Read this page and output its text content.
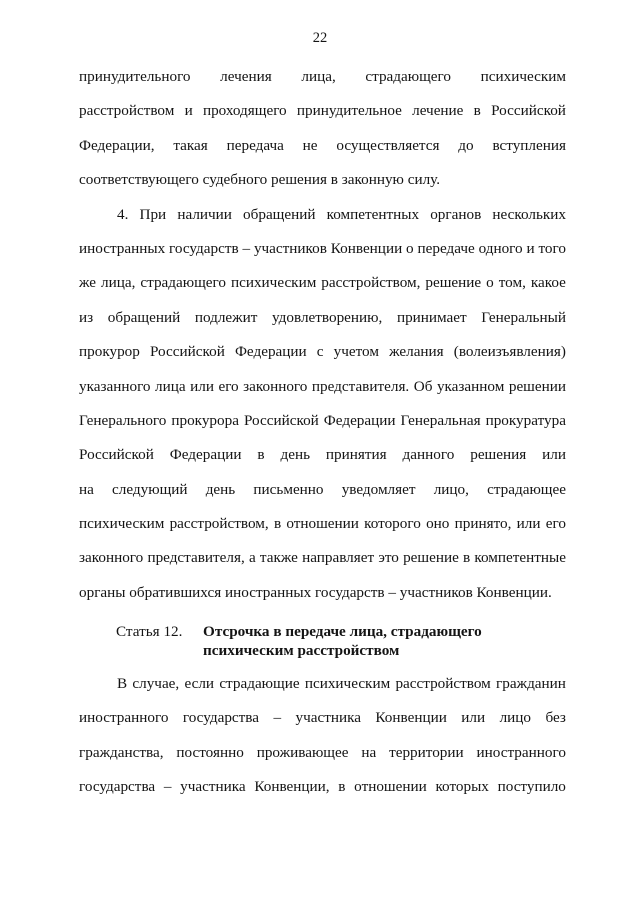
22
принудительного лечения лица, страдающего психическим
расстройством и проходящего принудительное лечение в Российской
Федерации, такая передача не осуществляется до вступления
соответствующего судебного решения в законную силу.
4. При наличии обращений компетентных органов нескольких
иностранных государств – участников Конвенции о передаче одного и того
же лица, страдающего психическим расстройством, решение о том, какое
из обращений подлежит удовлетворению, принимает Генеральный
прокурор Российской Федерации с учетом желания (волеизъявления)
указанного лица или его законного представителя. Об указанном решении
Генерального прокурора Российской Федерации Генеральная прокуратура
Российской Федерации в день принятия данного решения или
на следующий день письменно уведомляет лицо, страдающее
психическим расстройством, в отношении которого оно принято, или его
законного представителя, а также направляет это решение в компетентные
органы обратившихся иностранных государств – участников Конвенции.
Статья 12. Отсрочка в передаче лица, страдающего психическим расстройством
В случае, если страдающие психическим расстройством гражданин
иностранного государства – участника Конвенции или лицо без
гражданства, постоянно проживающее на территории иностранного
государства – участника Конвенции, в отношении которых поступило
